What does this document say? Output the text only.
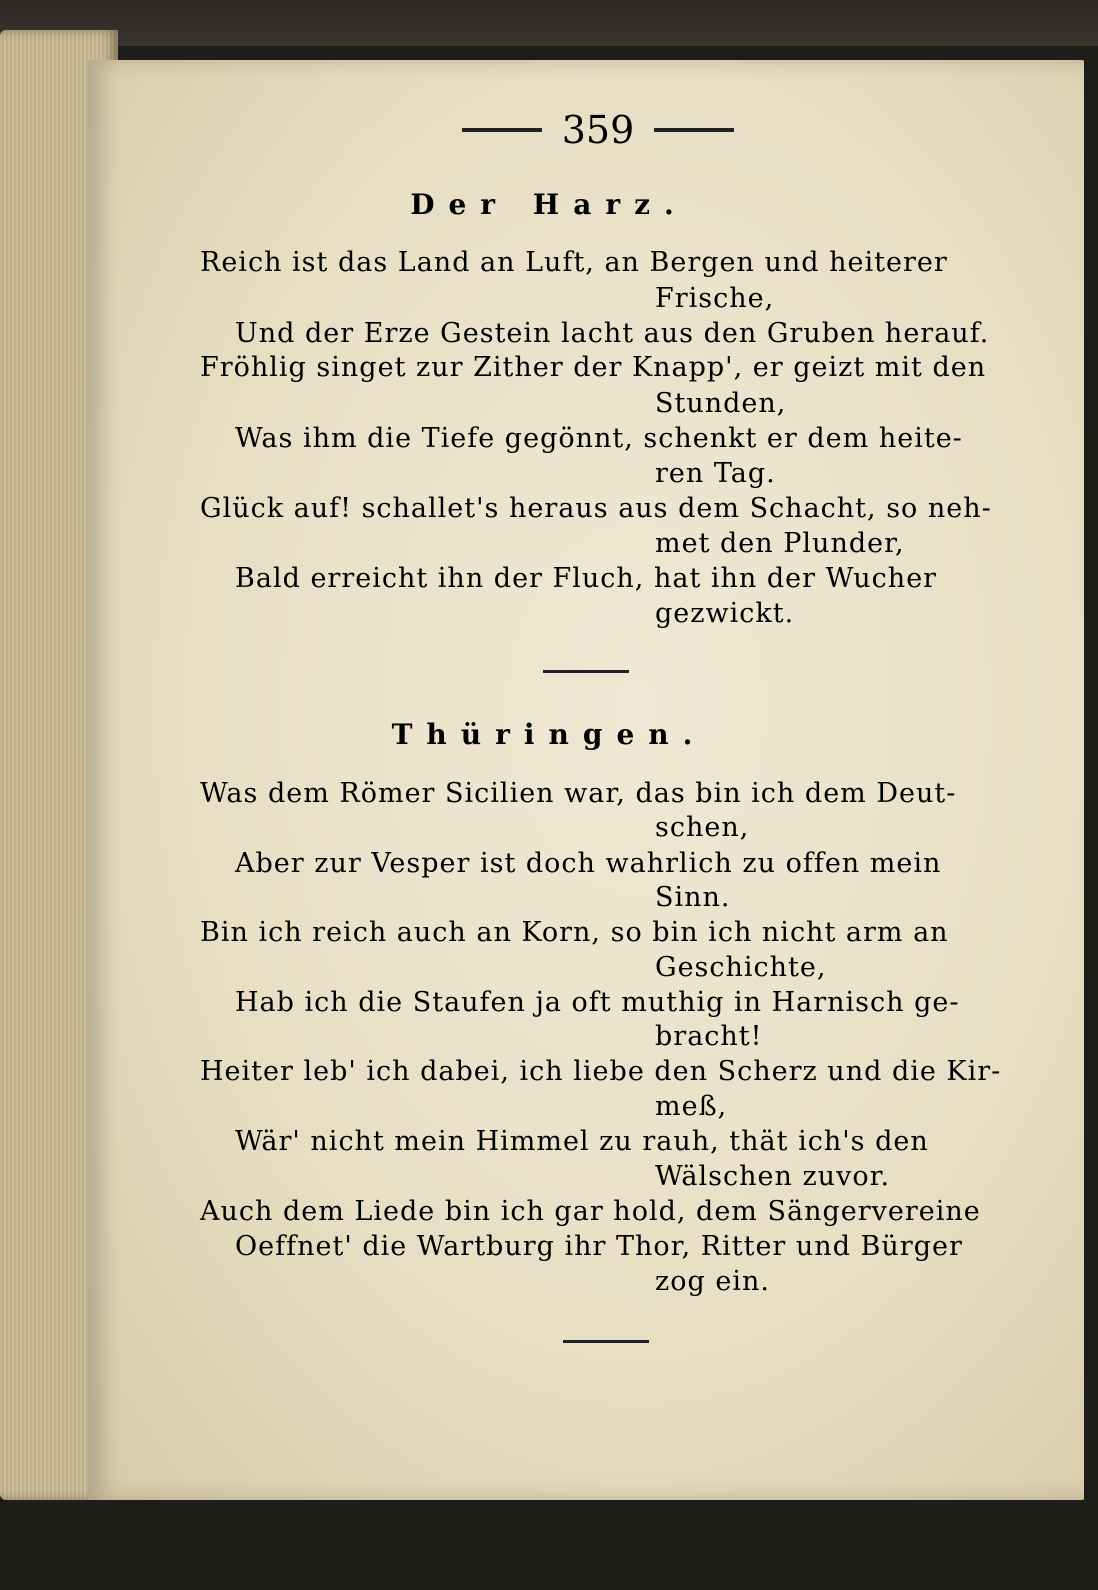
359
Der Harz.
Reich ist das Land an Luft, an Bergen und heiterer
Frische,
Und der Erze Gestein lacht aus den Gruben herauf.
Fröhlig singet zur Zither der Knapp', er geizt mit den
Stunden,
Was ihm die Tiefe gegönnt, schenkt er dem heite-
ren Tag.
Glück auf! schallet's heraus aus dem Schacht, so neh-
met den Plunder,
Bald erreicht ihn der Fluch, hat ihn der Wucher
gezwickt.
Thüringen.
Was dem Römer Sicilien war, das bin ich dem Deut-
schen,
Aber zur Vesper ist doch wahrlich zu offen mein
Sinn.
Bin ich reich auch an Korn, so bin ich nicht arm an
Geschichte,
Hab ich die Staufen ja oft muthig in Harnisch ge-
bracht!
Heiter leb' ich dabei, ich liebe den Scherz und die Kir-
meß,
Wär' nicht mein Himmel zu rauh, thät ich's den
Wälschen zuvor.
Auch dem Liede bin ich gar hold, dem Sängervereine
Oeffnet' die Wartburg ihr Thor, Ritter und Bürger
zog ein.
